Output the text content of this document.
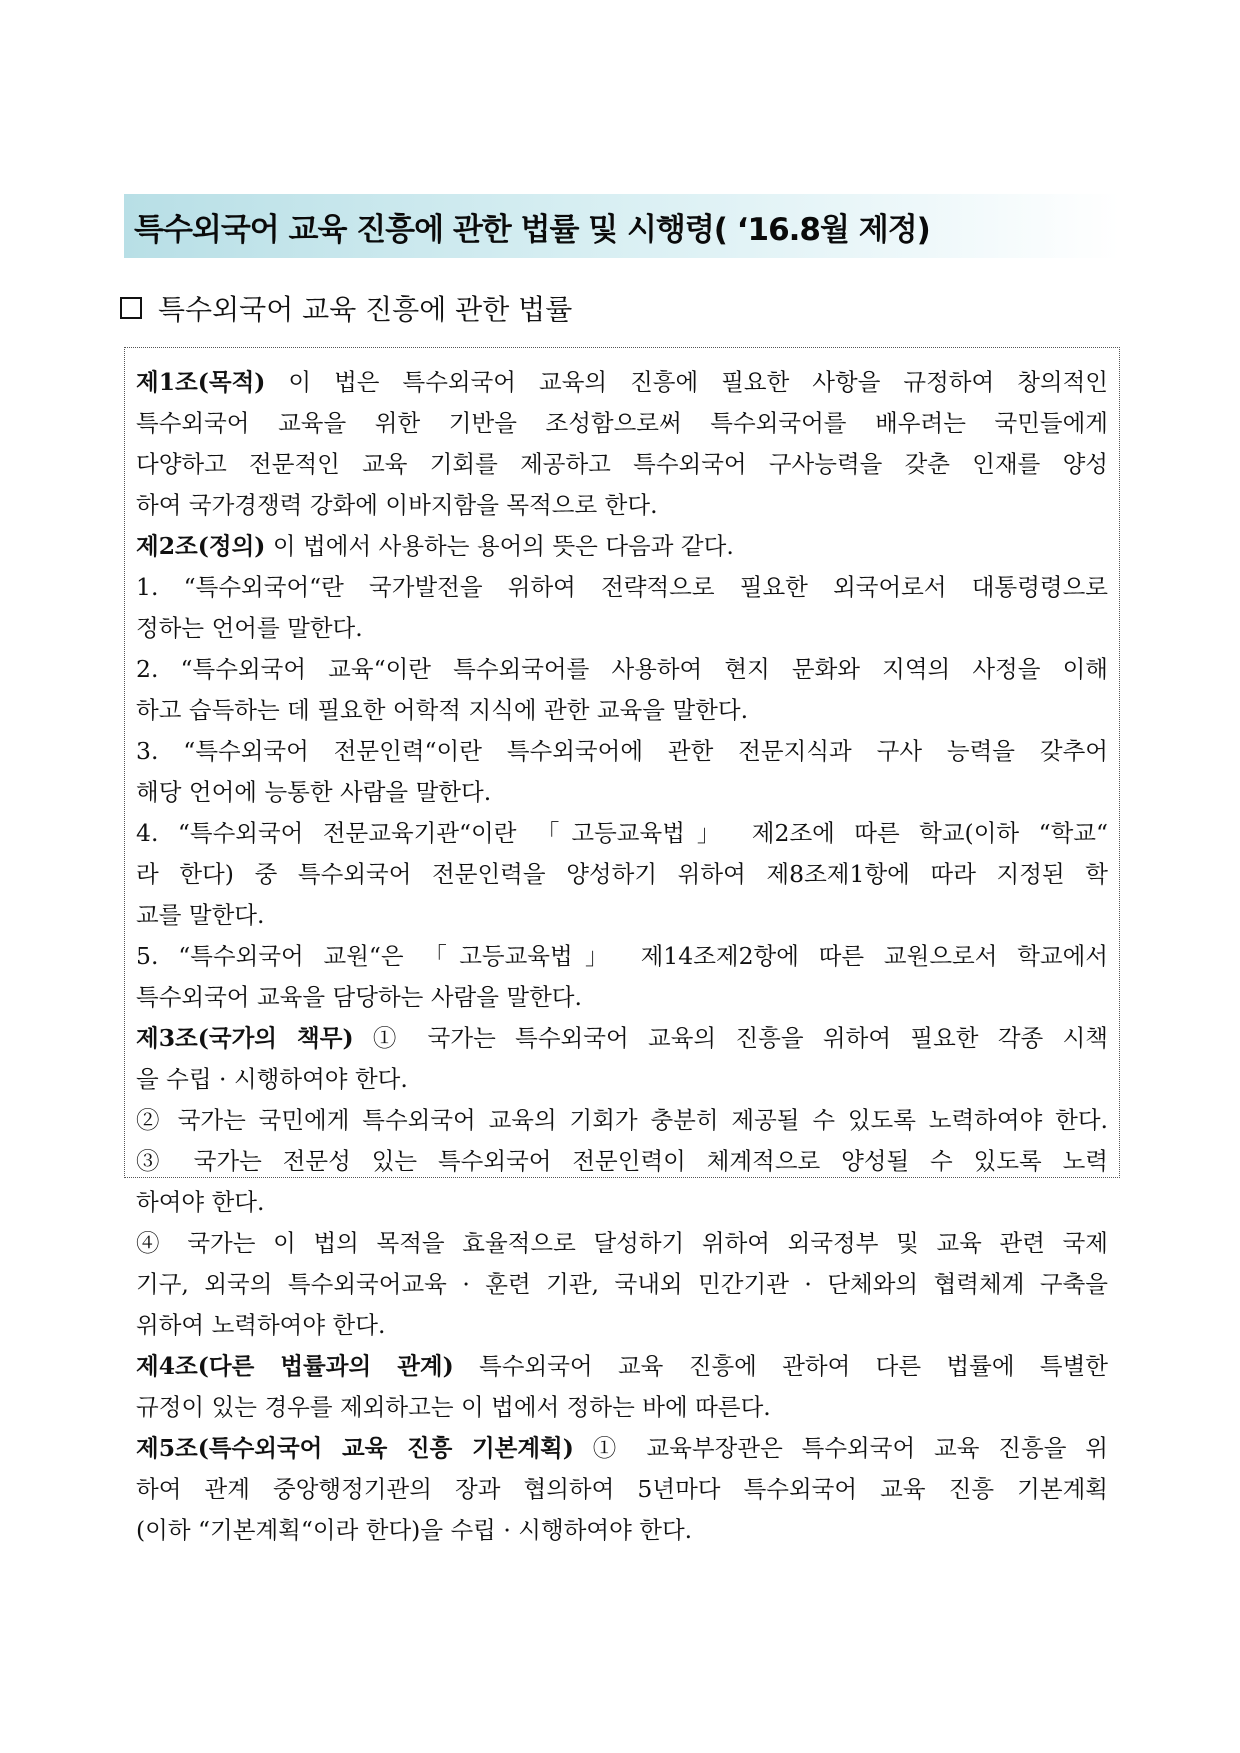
특수외국어 교육 진흥에 관한 법률 및 시행령( ‘16.8월 제정)
특수외국어 교육 진흥에 관한 법률
제1조(목적) 이 법은 특수외국어 교육의 진흥에 필요한 사항을 규정하여 창의적인
특수외국어 교육을 위한 기반을 조성함으로써 특수외국어를 배우려는 국민들에게
다양하고 전문적인 교육 기회를 제공하고 특수외국어 구사능력을 갖춘 인재를 양성
하여 국가경쟁력 강화에 이바지함을 목적으로 한다.
제2조(정의) 이 법에서 사용하는 용어의 뜻은 다음과 같다.
1. “특수외국어“란 국가발전을 위하여 전략적으로 필요한 외국어로서 대통령령으로
정하는 언어를 말한다.
2. “특수외국어 교육“이란 특수외국어를 사용하여 현지 문화와 지역의 사정을 이해
하고 습득하는 데 필요한 어학적 지식에 관한 교육을 말한다.
3. “특수외국어 전문인력“이란 특수외국어에 관한 전문지식과 구사 능력을 갖추어
해당 언어에 능통한 사람을 말한다.
4. “특수외국어 전문교육기관“이란 「고등교육법」 제2조에 따른 학교(이하 “학교“
라 한다) 중 특수외국어 전문인력을 양성하기 위하여 제8조제1항에 따라 지정된 학
교를 말한다.
5. “특수외국어 교원“은 「고등교육법」 제14조제2항에 따른 교원으로서 학교에서
특수외국어 교육을 담당하는 사람을 말한다.
제3조(국가의 책무) ① 국가는 특수외국어 교육의 진흥을 위하여 필요한 각종 시책
을 수립 · 시행하여야 한다.
② 국가는 국민에게 특수외국어 교육의 기회가 충분히 제공될 수 있도록 노력하여야 한다.
③ 국가는 전문성 있는 특수외국어 전문인력이 체계적으로 양성될 수 있도록 노력
하여야 한다.
④ 국가는 이 법의 목적을 효율적으로 달성하기 위하여 외국정부 및 교육 관련 국제
기구, 외국의 특수외국어교육 · 훈련 기관, 국내외 민간기관 · 단체와의 협력체계 구축을
위하여 노력하여야 한다.
제4조(다른 법률과의 관계) 특수외국어 교육 진흥에 관하여 다른 법률에 특별한
규정이 있는 경우를 제외하고는 이 법에서 정하는 바에 따른다.
제5조(특수외국어 교육 진흥 기본계획) ① 교육부장관은 특수외국어 교육 진흥을 위
하여 관계 중앙행정기관의 장과 협의하여 5년마다 특수외국어 교육 진흥 기본계획
(이하 “기본계획“이라 한다)을 수립 · 시행하여야 한다.
